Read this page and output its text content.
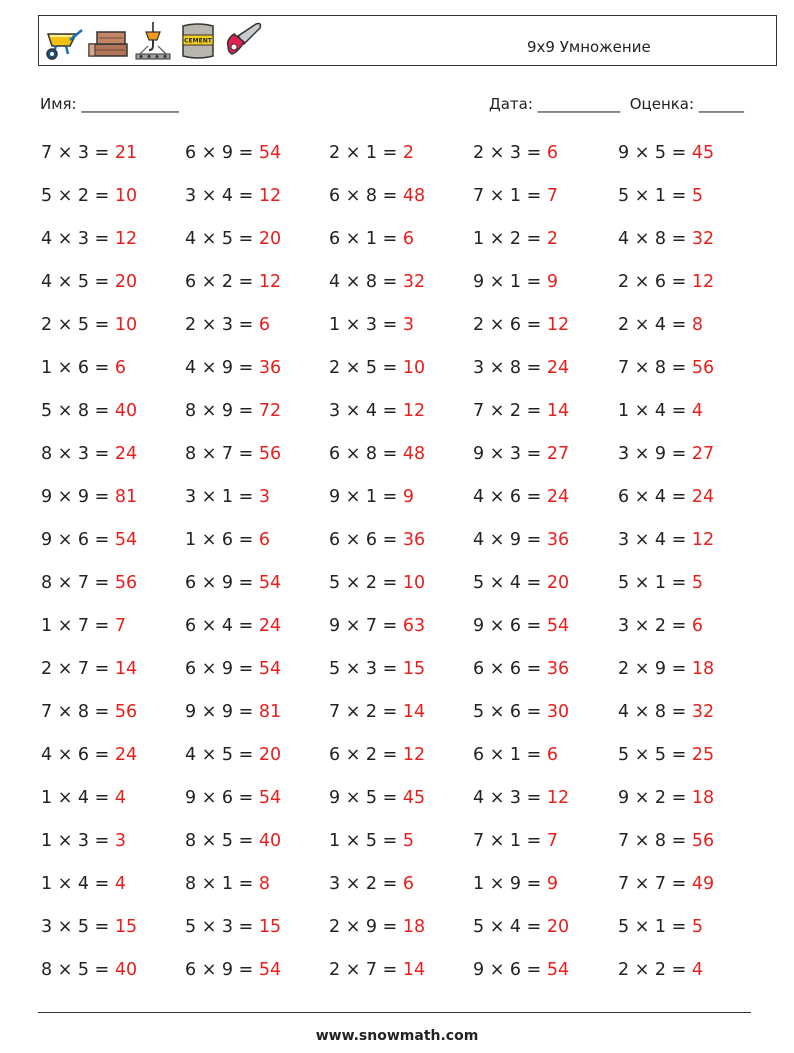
CEMENT	9x9 Умножение
Имя: _____________	Дата: ___________  Оценка: ______
7 × 3 = 21	6 × 9 = 54	2 × 1 = 2	2 × 3 = 6	9 × 5 = 45
5 × 2 = 10	3 × 4 = 12	6 × 8 = 48	7 × 1 = 7	5 × 1 = 5
4 × 3 = 12	4 × 5 = 20	6 × 1 = 6	1 × 2 = 2	4 × 8 = 32
4 × 5 = 20	6 × 2 = 12	4 × 8 = 32	9 × 1 = 9	2 × 6 = 12
2 × 5 = 10	2 × 3 = 6	1 × 3 = 3	2 × 6 = 12	2 × 4 = 8
1 × 6 = 6	4 × 9 = 36	2 × 5 = 10	3 × 8 = 24	7 × 8 = 56
5 × 8 = 40	8 × 9 = 72	3 × 4 = 12	7 × 2 = 14	1 × 4 = 4
8 × 3 = 24	8 × 7 = 56	6 × 8 = 48	9 × 3 = 27	3 × 9 = 27
9 × 9 = 81	3 × 1 = 3	9 × 1 = 9	4 × 6 = 24	6 × 4 = 24
9 × 6 = 54	1 × 6 = 6	6 × 6 = 36	4 × 9 = 36	3 × 4 = 12
8 × 7 = 56	6 × 9 = 54	5 × 2 = 10	5 × 4 = 20	5 × 1 = 5
1 × 7 = 7	6 × 4 = 24	9 × 7 = 63	9 × 6 = 54	3 × 2 = 6
2 × 7 = 14	6 × 9 = 54	5 × 3 = 15	6 × 6 = 36	2 × 9 = 18
7 × 8 = 56	9 × 9 = 81	7 × 2 = 14	5 × 6 = 30	4 × 8 = 32
4 × 6 = 24	4 × 5 = 20	6 × 2 = 12	6 × 1 = 6	5 × 5 = 25
1 × 4 = 4	9 × 6 = 54	9 × 5 = 45	4 × 3 = 12	9 × 2 = 18
1 × 3 = 3	8 × 5 = 40	1 × 5 = 5	7 × 1 = 7	7 × 8 = 56
1 × 4 = 4	8 × 1 = 8	3 × 2 = 6	1 × 9 = 9	7 × 7 = 49
3 × 5 = 15	5 × 3 = 15	2 × 9 = 18	5 × 4 = 20	5 × 1 = 5
8 × 5 = 40	6 × 9 = 54	2 × 7 = 14	9 × 6 = 54	2 × 2 = 4
www.snowmath.com
